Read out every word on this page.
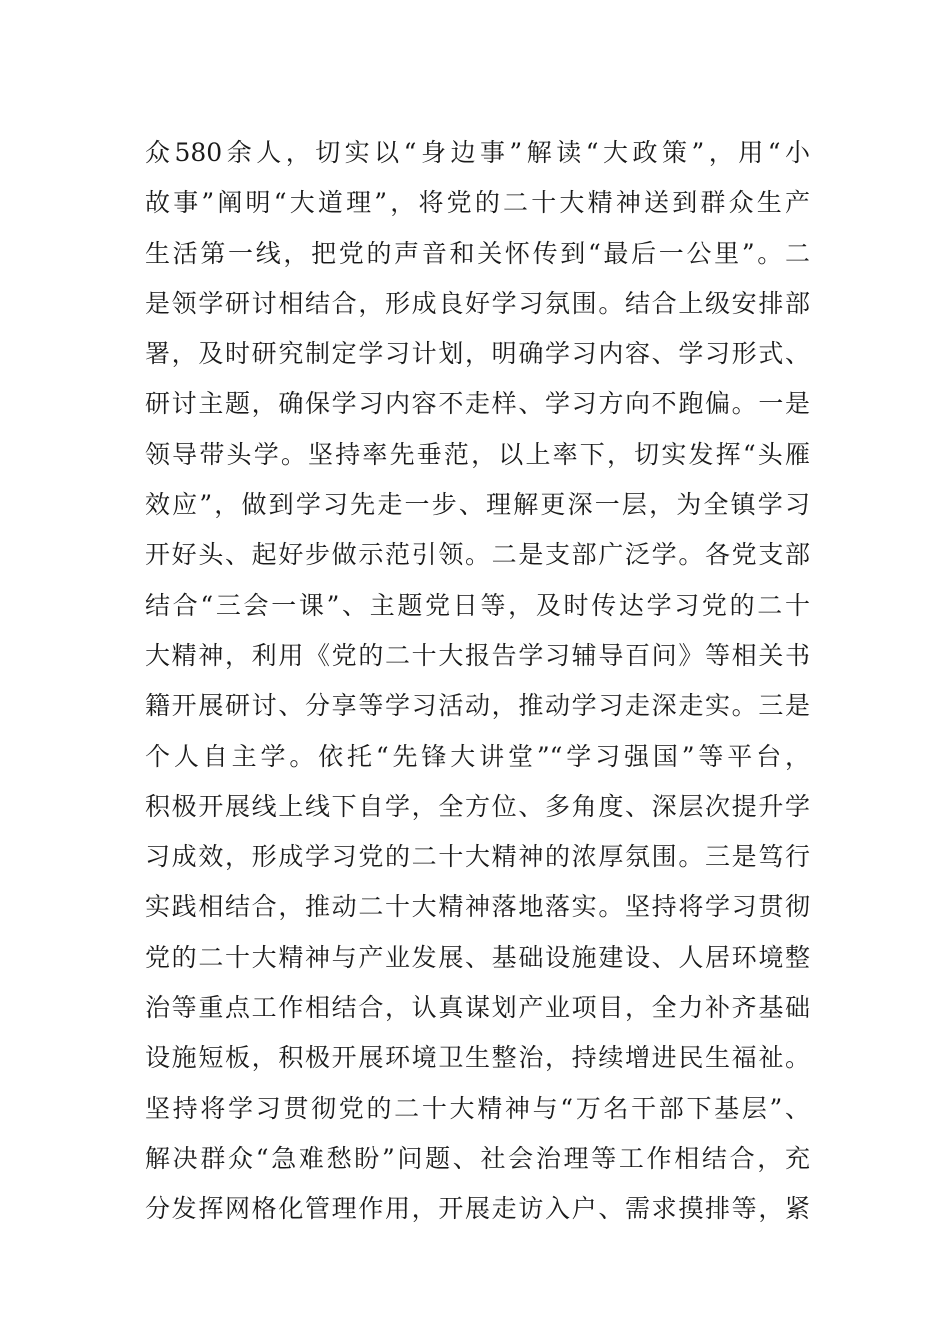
众580余人，切实以“身边事”解读“大政策”，用“小
故事”阐明“大道理”，将党的二十大精神送到群众生产
生活第一线，把党的声音和关怀传到“最后一公里”。二
是领学研讨相结合，形成良好学习氛围。结合上级安排部
署，及时研究制定学习计划，明确学习内容、学习形式、
研讨主题，确保学习内容不走样、学习方向不跑偏。一是
领导带头学。坚持率先垂范，以上率下，切实发挥“头雁
效应”，做到学习先走一步、理解更深一层，为全镇学习
开好头、起好步做示范引领。二是支部广泛学。各党支部
结合“三会一课”、主题党日等，及时传达学习党的二十
大精神，利用《党的二十大报告学习辅导百问》等相关书
籍开展研讨、分享等学习活动，推动学习走深走实。三是
个人自主学。依托“先锋大讲堂”“学习强国”等平台，
积极开展线上线下自学，全方位、多角度、深层次提升学
习成效，形成学习党的二十大精神的浓厚氛围。三是笃行
实践相结合，推动二十大精神落地落实。坚持将学习贯彻
党的二十大精神与产业发展、基础设施建设、人居环境整
治等重点工作相结合，认真谋划产业项目，全力补齐基础
设施短板，积极开展环境卫生整治，持续增进民生福祉。
坚持将学习贯彻党的二十大精神与“万名干部下基层”、
解决群众“急难愁盼”问题、社会治理等工作相结合，充
分发挥网格化管理作用，开展走访入户、需求摸排等，紧
